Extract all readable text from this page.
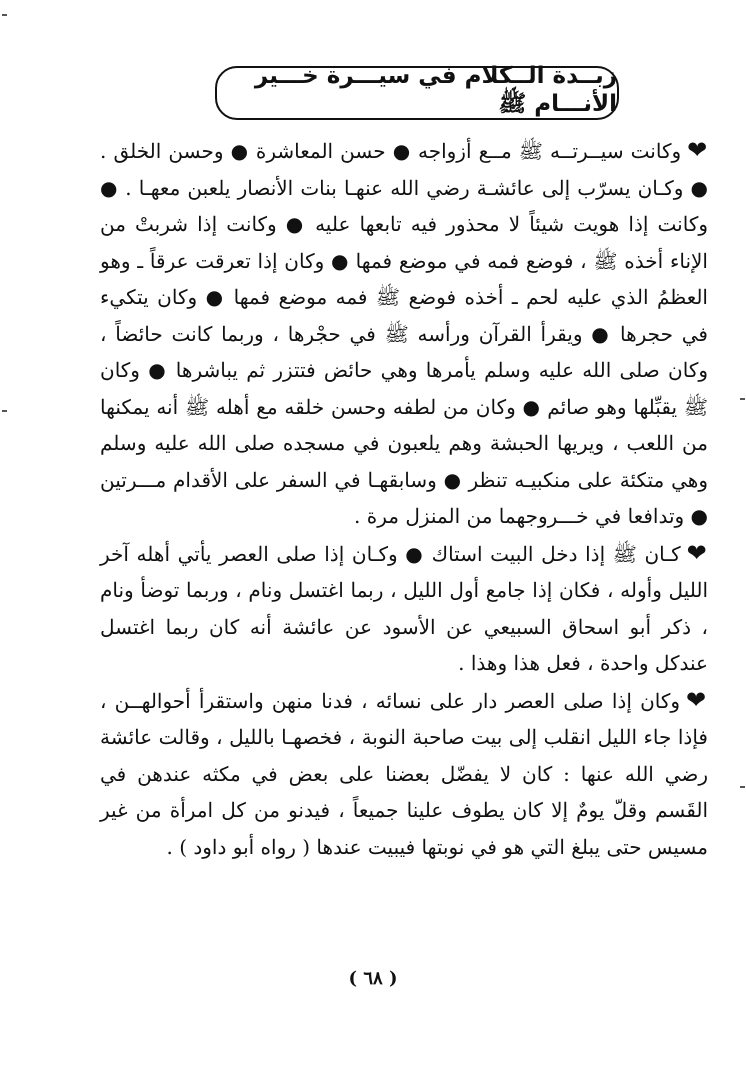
زبــدة الــكلام في سيـــرة خـــير الأنـــام ﷺ

❤وكانت سيــرتــه ﷺ مــع أزواجه ● حسن المعاشرة ● وحسن الخلق . ● وكـان يسرّب إلى عائشـة رضي الله عنهـا بنات الأنصار يلعبن معهـا . ● وكانت إذا هويت شيئاً لا محذور فيه تابعها عليه ● وكانت إذا شربتْ من الإناء أخذه ﷺ ، فوضع فمه في موضع فمها ● وكان إذا تعرقت عرقاً ـ وهو العظمُ الذي عليه لحم ـ أخذه فوضع ﷺ فمه موضع فمها ● وكان يتكيء في حجرها ● ويقرأ القرآن ورأسه ﷺ في حجْرها ، وربما كانت حائضاً ، وكان صلى الله عليه وسلم يأمرها وهي حائض فتتزر ثم يباشرها ● وكان ﷺ يقبِّلها وهو صائم ● وكان من لطفه وحسن خلقه مع أهله ﷺ أنه يمكنها من اللعب ، ويريها الحبشة وهم يلعبون في مسجده صلى الله عليه وسلم وهي متكئة على منكبيـه تنظر ● وسابقهـا في السفر على الأقدام مـــرتين ● وتدافعا في خـــروجهما من المنزل مرة .

❤كـان ﷺ إذا دخل البيت استاك ● وكـان إذا صلى العصر يأتي أهله آخر الليل وأوله ، فكان إذا جامع أول الليل ، ربما اغتسل ونام ، وربما توضأ ونام ، ذكر أبو اسحاق السبيعي عن الأسود عن عائشة أنه كان ربما اغتسل عندكل واحدة ، فعل هذا وهذا .

❤وكان إذا صلى العصر دار على نسائه ، فدنا منهن واستقرأ أحوالهــن ، فإذا جاء الليل انقلب إلى بيت صاحبة النوبة ، فخصهـا بالليل ، وقالت عائشة رضي الله عنها : كان لا يفضّل بعضنا على بعض في مكثه عندهن في القَسم وقلّ يومٌ إلا كان يطوف علينا جميعاً ، فيدنو من كل امرأة من غير مسيس حتى يبلغ التي هو في نوبتها فيبيت عندها ( رواه أبو داود ) .

( ٦٨ )
